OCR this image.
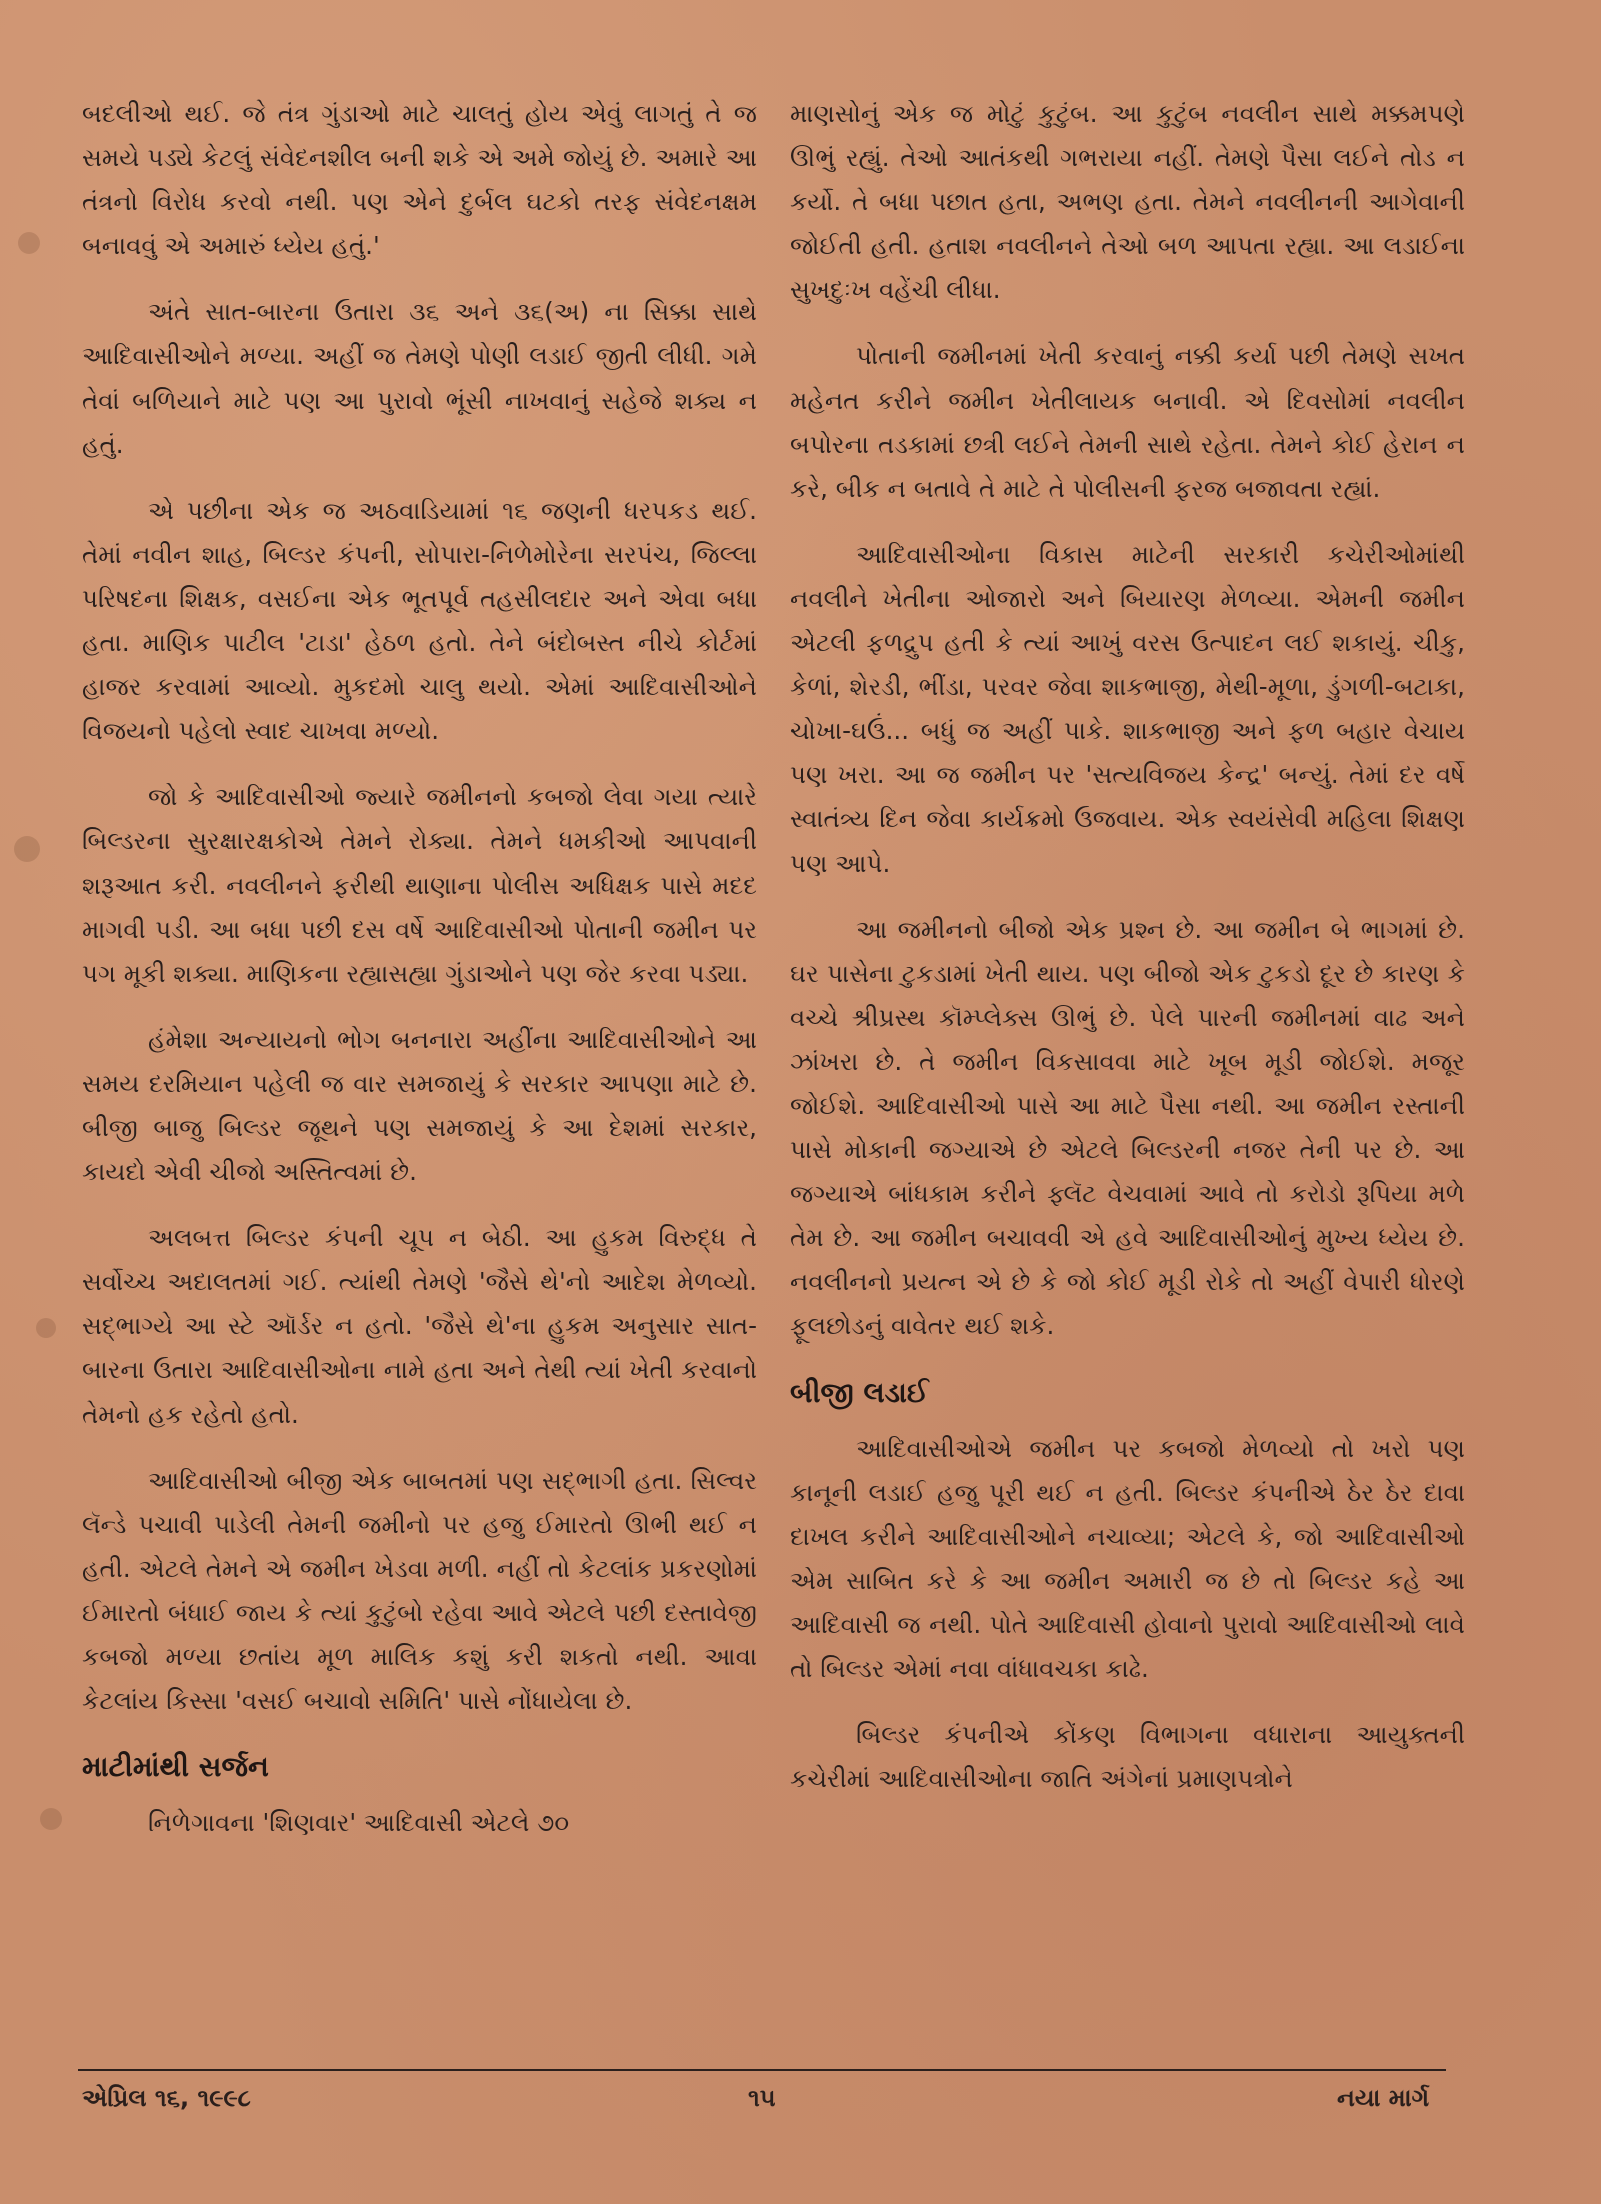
બદલીઓ થઈ. જે તંત્ર ગુંડાઓ માટે ચાલતું હોય એવું લાગતું તે જ સમયે પડ્યે કેટલું સંવેદનશીલ બની શકે એ અમે જોયું છે. અમારે આ તંત્રનો વિરોધ કરવો નથી. પણ એને દુર્બલ ઘટકો તરફ સંવેદનક્ષમ બનાવવું એ અમારું ધ્યેય હતું.'

અંતે સાત-બારના ઉતારા ૩૬ અને ૩૬(અ) ના સિક્કા સાથે આદિવાસીઓને મળ્યા. અહીં જ તેમણે પોણી લડાઈ જીતી લીધી. ગમે તેવાં બળિયાને માટે પણ આ પુરાવો ભૂંસી નાખવાનું સહેજે શક્ય ન હતું.

એ પછીના એક જ અઠવાડિયામાં ૧૬ જણની ધરપકડ થઈ. તેમાં નવીન શાહ, બિલ્ડર કંપની, સોપારા-નિળેમોરેના સરપંચ, જિલ્લા પરિષદના શિક્ષક, વસઈના એક ભૂતપૂર્વ તહસીલદાર અને એવા બધા હતા. માણિક પાટીલ 'ટાડા' હેઠળ હતો. તેને બંદોબસ્ત નીચે કોર્ટમાં હાજર કરવામાં આવ્યો. મુકદમો ચાલુ થયો. એમાં આદિવાસીઓને વિજયનો પહેલો સ્વાદ ચાખવા મળ્યો.

જો કે આદિવાસીઓ જ્યારે જમીનનો કબજો લેવા ગયા ત્યારે બિલ્ડરના સુરક્ષારક્ષકોએ તેમને રોક્યા. તેમને ધમકીઓ આપવાની શરૂઆત કરી. નવલીનને ફરીથી થાણાના પોલીસ અધિક્ષક પાસે મદદ માગવી પડી. આ બધા પછી દસ વર્ષે આદિવાસીઓ પોતાની જમીન પર પગ મૂકી શક્યા. માણિકના રહ્યાસહ્યા ગુંડાઓને પણ જેર કરવા પડ્યા.

હંમેશા અન્યાયનો ભોગ બનનારા અહીંના આદિવાસીઓને આ સમય દરમિયાન પહેલી જ વાર સમજાયું કે સરકાર આપણા માટે છે. બીજી બાજુ બિલ્ડર જૂથને પણ સમજાયું કે આ દેશમાં સરકાર, કાયદો એવી ચીજો અસ્તિત્વમાં છે.

અલબત્ત બિલ્ડર કંપની ચૂપ ન બેઠી. આ હુકમ વિરુદ્ધ તે સર્વોચ્ચ અદાલતમાં ગઈ. ત્યાંથી તેમણે 'જૈસે થે'નો આદેશ મેળવ્યો. સદ્ભાગ્યે આ સ્ટે ઑર્ડર ન હતો. 'જૈસે થે'ના હુકમ અનુસાર સાત-બારના ઉતારા આદિવાસીઓના નામે હતા અને તેથી ત્યાં ખેતી કરવાનો તેમનો હક રહેતો હતો.

આદિવાસીઓ બીજી એક બાબતમાં પણ સદ્ભાગી હતા. સિલ્વર લૅન્ડે પચાવી પાડેલી તેમની જમીનો પર હજુ ઈમારતો ઊભી થઈ ન હતી. એટલે તેમને એ જમીન ખેડવા મળી. નહીં તો કેટલાંક પ્રકરણોમાં ઈમારતો બંધાઈ જાય કે ત્યાં કુટુંબો રહેવા આવે એટલે પછી દસ્તાવેજી કબજો મળ્યા છતાંય મૂળ માલિક કશું કરી શકતો નથી. આવા કેટલાંય કિસ્સા 'વસઈ બચાવો સમિતિ' પાસે નોંધાયેલા છે.

માટીમાંથી સર્જન

નિળેગાવના 'શિણવાર' આદિવાસી એટલે ૭૦

માણસોનું એક જ મોટું કુટુંબ. આ કુટુંબ નવલીન સાથે મક્કમપણે ઊભું રહ્યું. તેઓ આતંકથી ગભરાયા નહીં. તેમણે પૈસા લઈને તોડ ન કર્યો. તે બધા પછાત હતા, અભણ હતા. તેમને નવલીનની આગેવાની જોઈતી હતી. હતાશ નવલીનને તેઓ બળ આપતા રહ્યા. આ લડાઈના સુખદુઃખ વહેંચી લીધા.

પોતાની જમીનમાં ખેતી કરવાનું નક્કી કર્યા પછી તેમણે સખત મહેનત કરીને જમીન ખેતીલાયક બનાવી. એ દિવસોમાં નવલીન બપોરના તડકામાં છત્રી લઈને તેમની સાથે રહેતા. તેમને કોઈ હેરાન ન કરે, બીક ન બતાવે તે માટે તે પોલીસની ફરજ બજાવતા રહ્યાં.

આદિવાસીઓના વિકાસ માટેની સરકારી કચેરીઓમાંથી નવલીને ખેતીના ઓજારો અને બિયારણ મેળવ્યા. એમની જમીન એટલી ફળદ્રુપ હતી કે ત્યાં આખું વરસ ઉત્પાદન લઈ શકાયું. ચીકુ, કેળાં, શેરડી, ભીંડા, પરવર જેવા શાકભાજી, મેથી-મૂળા, ડુંગળી-બટાકા, ચોખા-ઘઉં... બધું જ અહીં પાકે. શાકભાજી અને ફળ બહાર વેચાય પણ ખરા. આ જ જમીન પર 'સત્યવિજય કેન્દ્ર' બન્યું. તેમાં દર વર્ષે સ્વાતંત્ર્ય દિન જેવા કાર્યક્રમો ઉજવાય. એક સ્વયંસેવી મહિલા શિક્ષણ પણ આપે.

આ જમીનનો બીજો એક પ્રશ્ન છે. આ જમીન બે ભાગમાં છે. ઘર પાસેના ટુકડામાં ખેતી થાય. પણ બીજો એક ટુકડો દૂર છે કારણ કે વચ્ચે શ્રીપ્રસ્થ કૉમ્પ્લેક્સ ઊભું છે. પેલે પારની જમીનમાં વાઢ અને ઝાંખરા છે. તે જમીન વિકસાવવા માટે ખૂબ મૂડી જોઈશે. મજૂર જોઈશે. આદિવાસીઓ પાસે આ માટે પૈસા નથી. આ જમીન રસ્તાની પાસે મોકાની જગ્યાએ છે એટલે બિલ્ડરની નજર તેની પર છે. આ જગ્યાએ બાંધકામ કરીને ફ્લૅટ વેચવામાં આવે તો કરોડો રૂપિયા મળે તેમ છે. આ જમીન બચાવવી એ હવે આદિવાસીઓનું મુખ્ય ધ્યેય છે. નવલીનનો પ્રયત્ન એ છે કે જો કોઈ મૂડી રોકે તો અહીં વેપારી ધોરણે ફૂલછોડનું વાવેતર થઈ શકે.

બીજી લડાઈ

આદિવાસીઓએ જમીન પર કબજો મેળવ્યો તો ખરો પણ કાનૂની લડાઈ હજુ પૂરી થઈ ન હતી. બિલ્ડર કંપનીએ ઠેર ઠેર દાવા દાખલ કરીને આદિવાસીઓને નચાવ્યા; એટલે કે, જો આદિવાસીઓ એમ સાબિત કરે કે આ જમીન અમારી જ છે તો બિલ્ડર કહે આ આદિવાસી જ નથી. પોતે આદિવાસી હોવાનો પુરાવો આદિવાસીઓ લાવે તો બિલ્ડર એમાં નવા વાંધાવચકા કાઢે.

બિલ્ડર કંપનીએ કોંકણ વિભાગના વધારાના આયુક્તની કચેરીમાં આદિવાસીઓના જાતિ અંગેનાં પ્રમાણપત્રોને

એપ્રિલ ૧૬, ૧૯૯૮	૧૫	નયા માર્ગ
